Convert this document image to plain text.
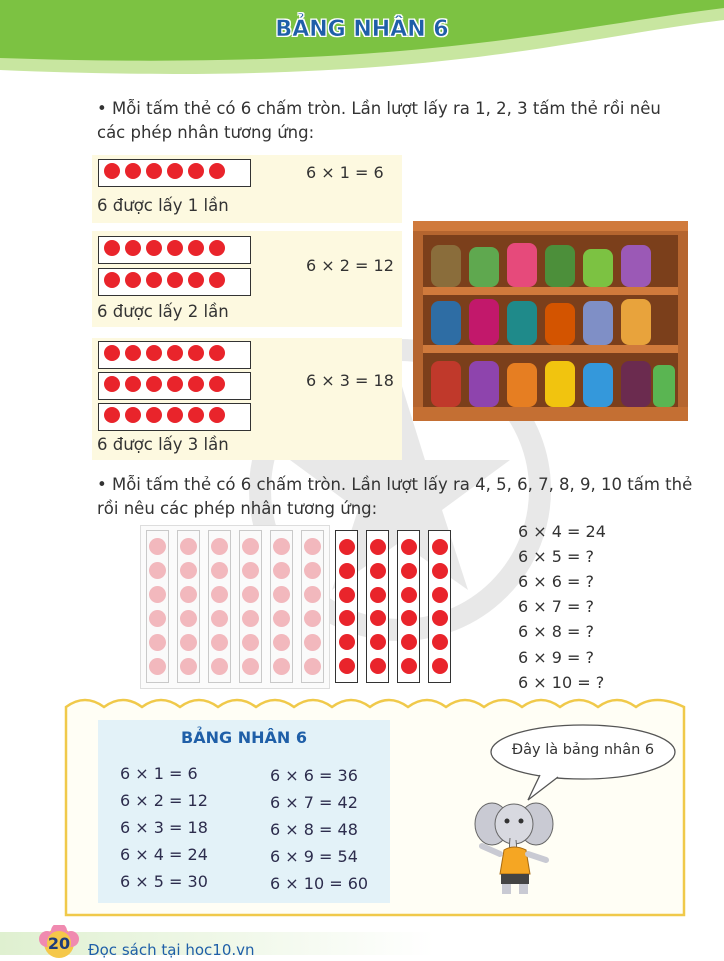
BẢNG NHÂN 6
• Mỗi tấm thẻ có 6 chấm tròn. Lần lượt lấy ra 1, 2, 3 tấm thẻ rồi nêu
các phép nhân tương ứng:
6 × 1 = 6
6 được lấy 1 lần
6 × 2 = 12
6 được lấy 2 lần
6 × 3 = 18
6 được lấy 3 lần
• Mỗi tấm thẻ có 6 chấm tròn. Lần lượt lấy ra 4, 5, 6, 7, 8, 9, 10 tấm thẻ
rồi nêu các phép nhân tương ứng:
6 × 4 = 24
6 × 5 = ?
6 × 6 = ?
6 × 7 = ?
6 × 8 = ?
6 × 9 = ?
6 × 10 = ?
BẢNG NHÂN 6
6 × 1 = 6
6 × 2 = 12
6 × 3 = 18
6 × 4 = 24
6 × 5 = 30
6 × 6 = 36
6 × 7 = 42
6 × 8 = 48
6 × 9 = 54
6 × 10 = 60
Đây là bảng nhân 6
20	Đọc sách tại hoc10.vn
